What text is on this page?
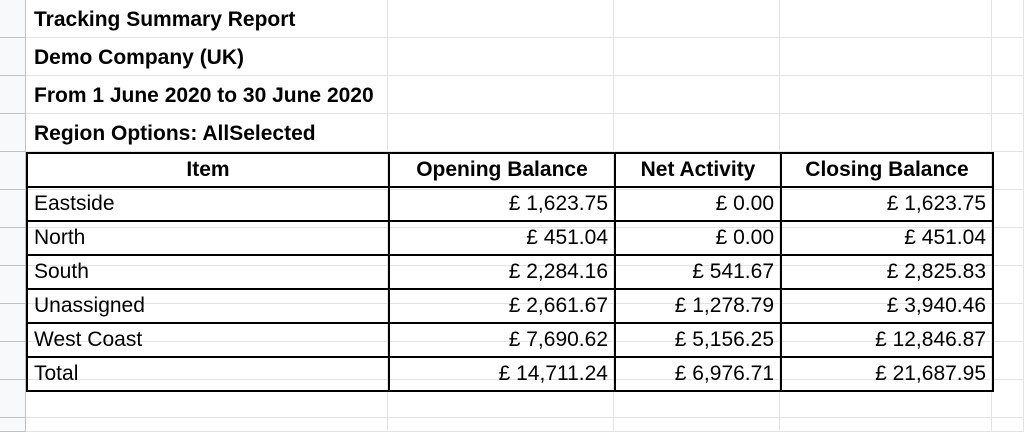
Tracking Summary Report
Demo Company (UK)
From 1 June 2020 to 30 June 2020
Region Options: AllSelected
Item	Opening Balance	Net Activity	Closing Balance
Eastside	£ 1,623.75	£ 0.00	£ 1,623.75
North	£ 451.04	£ 0.00	£ 451.04
South	£ 2,284.16	£ 541.67	£ 2,825.83
Unassigned	£ 2,661.67	£ 1,278.79	£ 3,940.46
West Coast	£ 7,690.62	£ 5,156.25	£ 12,846.87
Total	£ 14,711.24	£ 6,976.71	£ 21,687.95
